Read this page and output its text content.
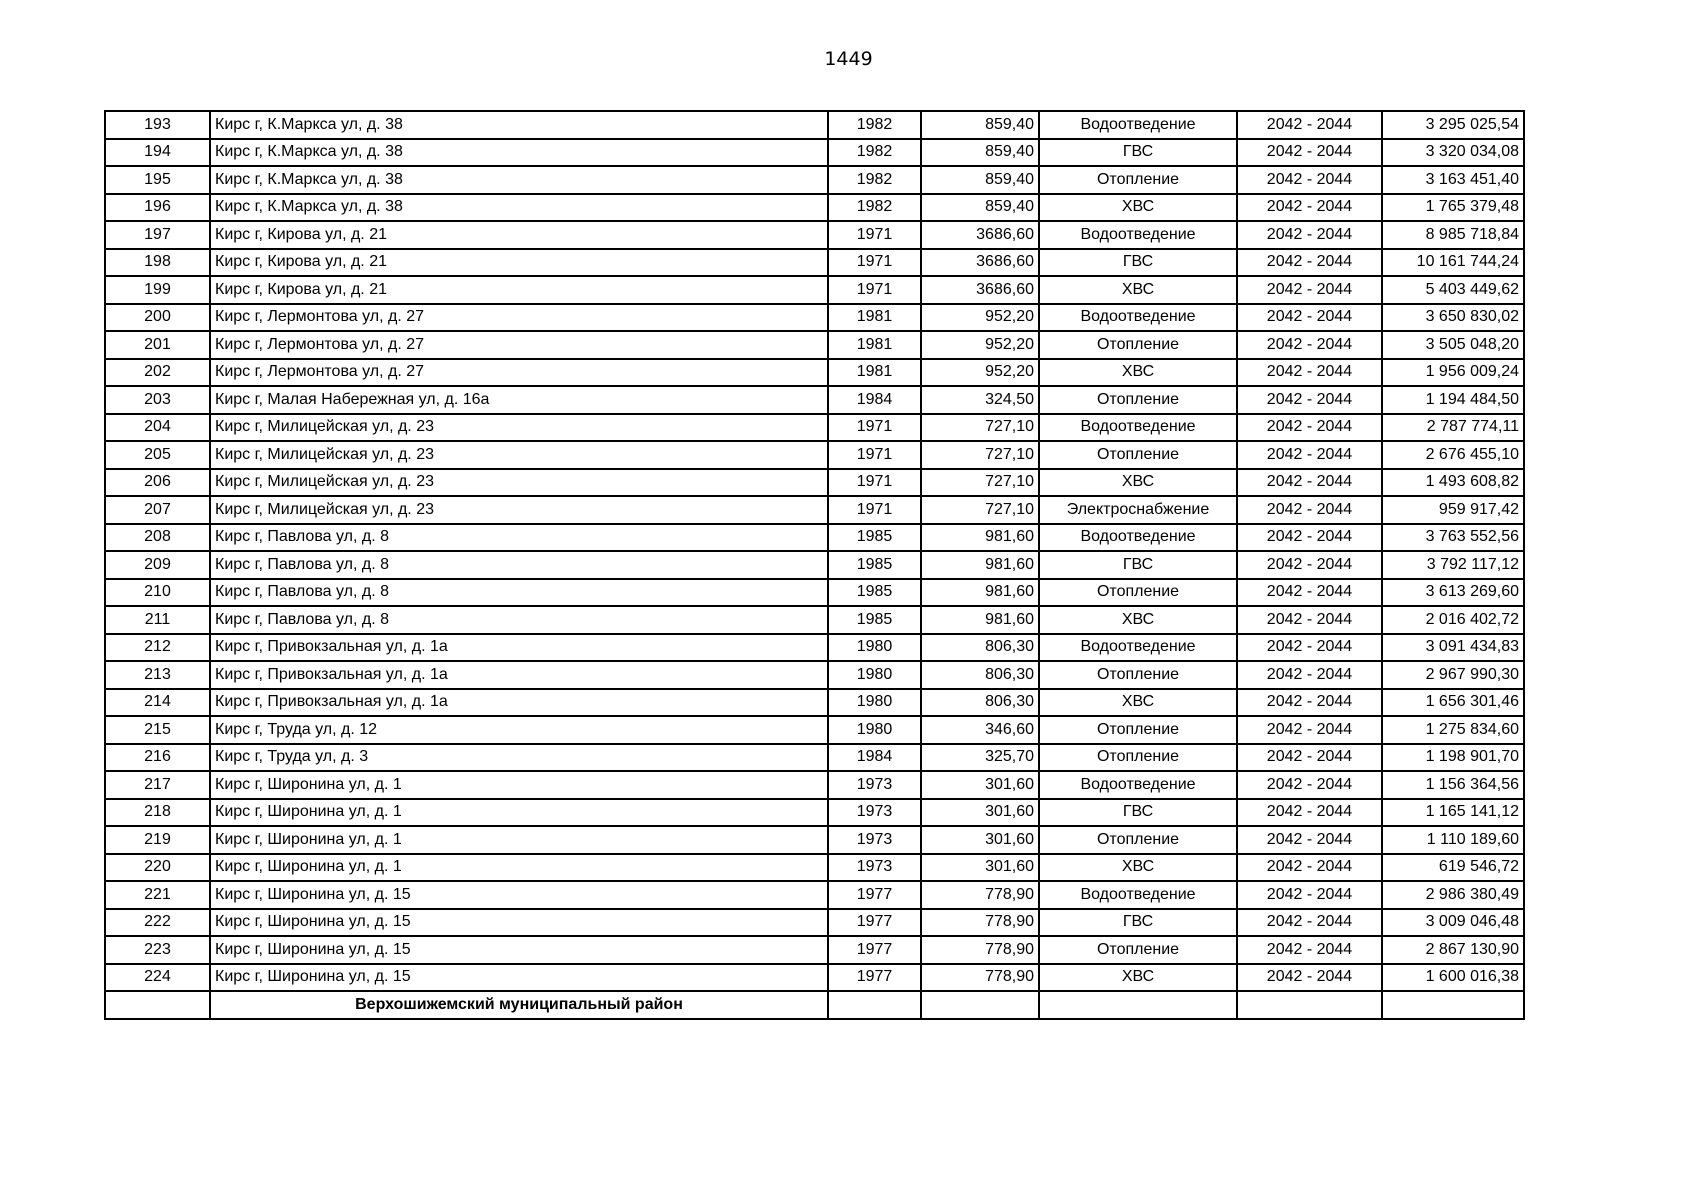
1449
193	Кирс г, К.Маркса ул, д. 38	1982	859,40	Водоотведение	2042 - 2044	3 295 025,54
194	Кирс г, К.Маркса ул, д. 38	1982	859,40	ГВС	2042 - 2044	3 320 034,08
195	Кирс г, К.Маркса ул, д. 38	1982	859,40	Отопление	2042 - 2044	3 163 451,40
196	Кирс г, К.Маркса ул, д. 38	1982	859,40	ХВС	2042 - 2044	1 765 379,48
197	Кирс г, Кирова ул, д. 21	1971	3686,60	Водоотведение	2042 - 2044	8 985 718,84
198	Кирс г, Кирова ул, д. 21	1971	3686,60	ГВС	2042 - 2044	10 161 744,24
199	Кирс г, Кирова ул, д. 21	1971	3686,60	ХВС	2042 - 2044	5 403 449,62
200	Кирс г, Лермонтова ул, д. 27	1981	952,20	Водоотведение	2042 - 2044	3 650 830,02
201	Кирс г, Лермонтова ул, д. 27	1981	952,20	Отопление	2042 - 2044	3 505 048,20
202	Кирс г, Лермонтова ул, д. 27	1981	952,20	ХВС	2042 - 2044	1 956 009,24
203	Кирс г, Малая Набережная ул, д. 16а	1984	324,50	Отопление	2042 - 2044	1 194 484,50
204	Кирс г, Милицейская ул, д. 23	1971	727,10	Водоотведение	2042 - 2044	2 787 774,11
205	Кирс г, Милицейская ул, д. 23	1971	727,10	Отопление	2042 - 2044	2 676 455,10
206	Кирс г, Милицейская ул, д. 23	1971	727,10	ХВС	2042 - 2044	1 493 608,82
207	Кирс г, Милицейская ул, д. 23	1971	727,10	Электроснабжение	2042 - 2044	959 917,42
208	Кирс г, Павлова ул, д. 8	1985	981,60	Водоотведение	2042 - 2044	3 763 552,56
209	Кирс г, Павлова ул, д. 8	1985	981,60	ГВС	2042 - 2044	3 792 117,12
210	Кирс г, Павлова ул, д. 8	1985	981,60	Отопление	2042 - 2044	3 613 269,60
211	Кирс г, Павлова ул, д. 8	1985	981,60	ХВС	2042 - 2044	2 016 402,72
212	Кирс г, Привокзальная ул, д. 1а	1980	806,30	Водоотведение	2042 - 2044	3 091 434,83
213	Кирс г, Привокзальная ул, д. 1а	1980	806,30	Отопление	2042 - 2044	2 967 990,30
214	Кирс г, Привокзальная ул, д. 1а	1980	806,30	ХВС	2042 - 2044	1 656 301,46
215	Кирс г, Труда ул, д. 12	1980	346,60	Отопление	2042 - 2044	1 275 834,60
216	Кирс г, Труда ул, д. 3	1984	325,70	Отопление	2042 - 2044	1 198 901,70
217	Кирс г, Широнина ул, д. 1	1973	301,60	Водоотведение	2042 - 2044	1 156 364,56
218	Кирс г, Широнина ул, д. 1	1973	301,60	ГВС	2042 - 2044	1 165 141,12
219	Кирс г, Широнина ул, д. 1	1973	301,60	Отопление	2042 - 2044	1 110 189,60
220	Кирс г, Широнина ул, д. 1	1973	301,60	ХВС	2042 - 2044	619 546,72
221	Кирс г, Широнина ул, д. 15	1977	778,90	Водоотведение	2042 - 2044	2 986 380,49
222	Кирс г, Широнина ул, д. 15	1977	778,90	ГВС	2042 - 2044	3 009 046,48
223	Кирс г, Широнина ул, д. 15	1977	778,90	Отопление	2042 - 2044	2 867 130,90
224	Кирс г, Широнина ул, д. 15	1977	778,90	ХВС	2042 - 2044	1 600 016,38
	Верхошижемский муниципальный район					
